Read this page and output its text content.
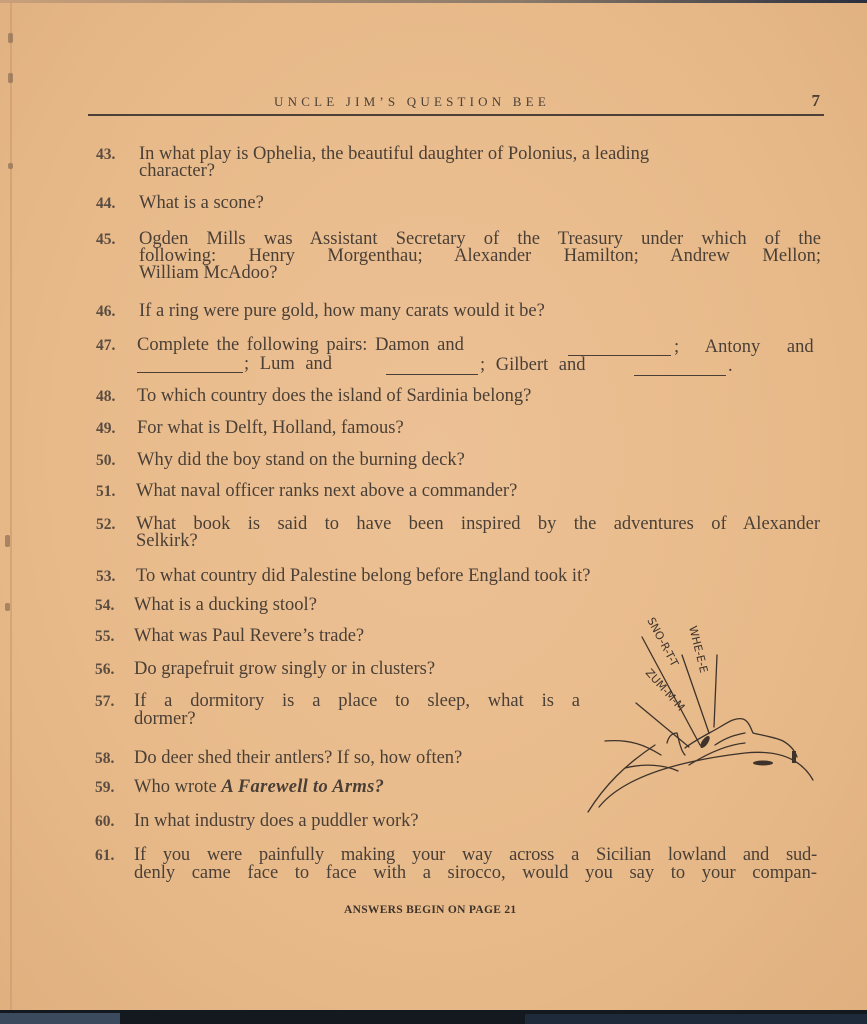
UNCLE JIM’S QUESTION BEE	7
43. In what play is Ophelia, the beautiful daughter of Polonius, a leading
character?
44. What is a scone?
45. Ogden Mills was Assistant Secretary of the Treasury under which of the
following: Henry Morgenthau; Alexander Hamilton; Andrew Mellon;
William McAdoo?
46. If a ring were pure gold, how many carats would it be?
47. Complete the following pairs: Damon and	; Antony and
; Lum and	; Gilbert and	.
48. To which country does the island of Sardinia belong?
49. For what is Delft, Holland, famous?
50. Why did the boy stand on the burning deck?
51. What naval officer ranks next above a commander?
52. What book is said to have been inspired by the adventures of Alexander
Selkirk?
53. To what country did Palestine belong before England took it?
54. What is a ducking stool?
55. What was Paul Revere’s trade?
56. Do grapefruit grow singly or in clusters?
57. If a dormitory is a place to sleep, what is a
dormer?
58. Do deer shed their antlers? If so, how often?
59. Who wrote A Farewell to Arms?
60. In what industry does a puddler work?
61. If you were painfully making your way across a Sicilian lowland and sud-
denly came face to face with a sirocco, would you say to your compan-
ANSWERS BEGIN ON PAGE 21
SNO-R-T-T WHE-E-E
ZUM-M-M
